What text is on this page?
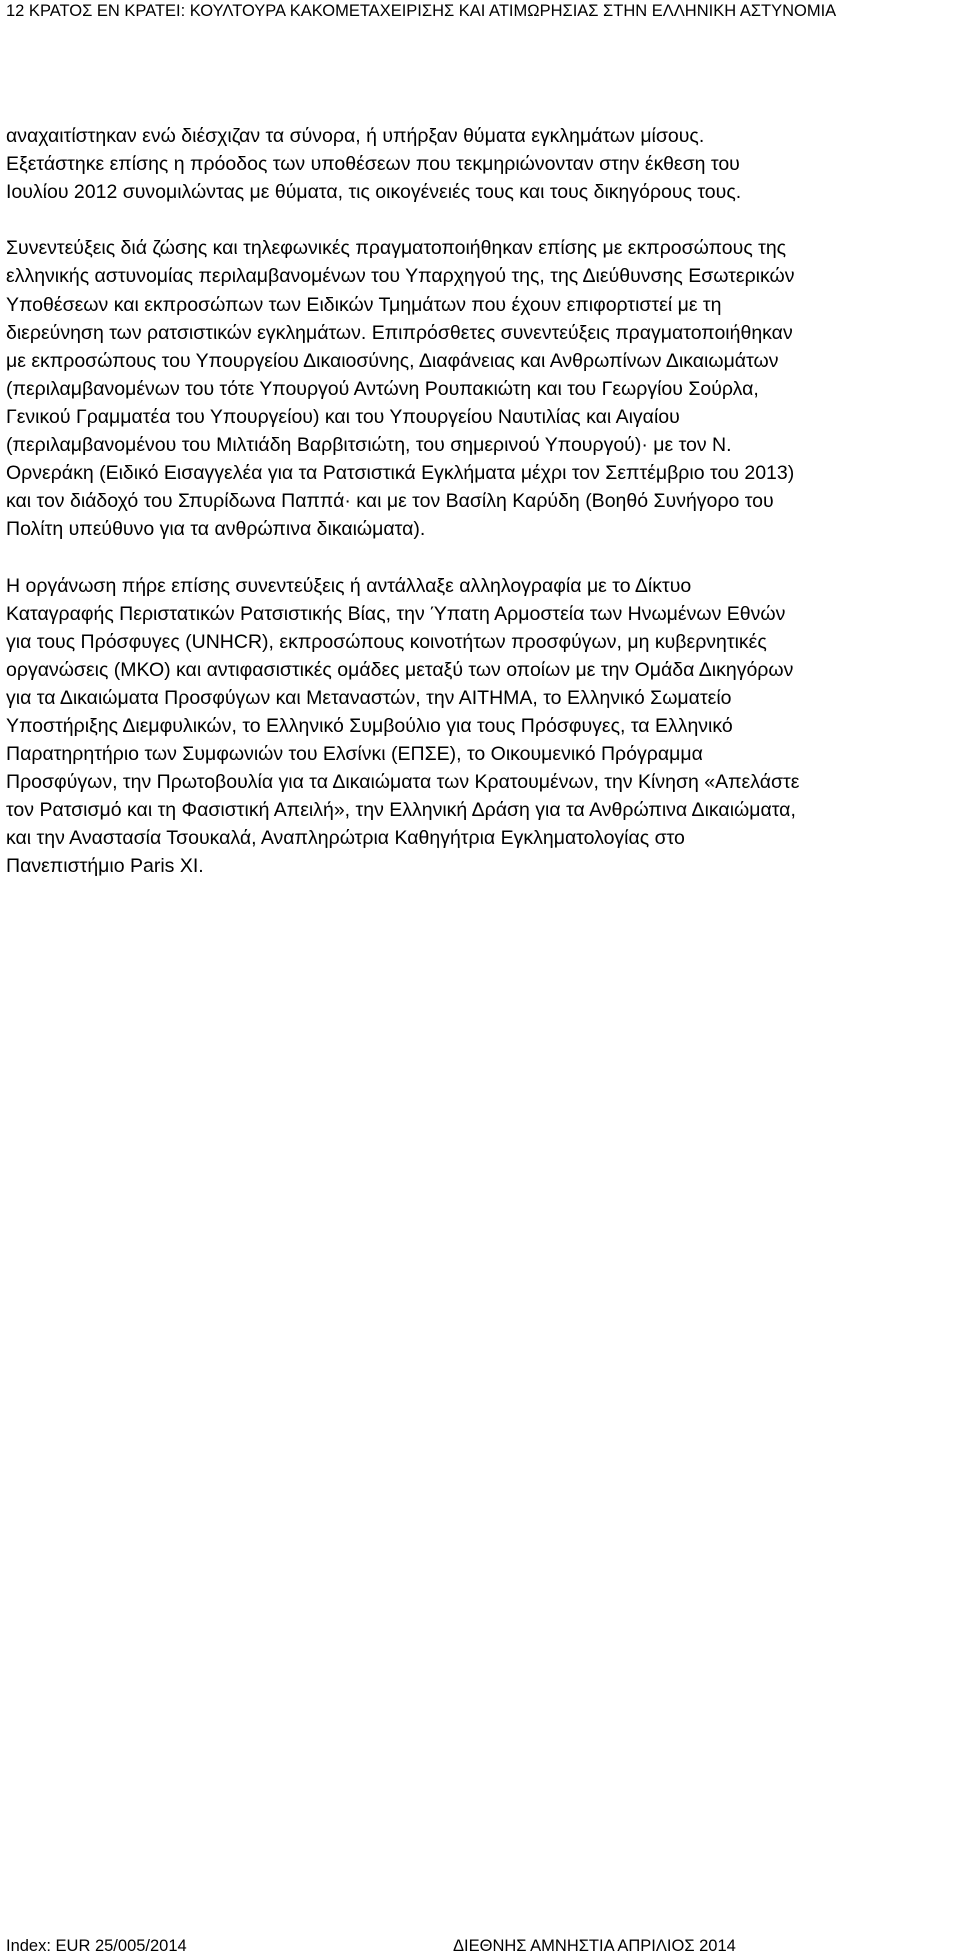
12 ΚΡΑΤΟΣ ΕΝ ΚΡΑΤΕΙ: ΚΟΥΛΤΟΥΡΑ ΚΑΚΟΜΕΤΑΧΕΙΡΙΣΗΣ ΚΑΙ ΑΤΙΜΩΡΗΣΙΑΣ ΣΤΗΝ ΕΛΛΗΝΙΚΗ ΑΣΤΥΝΟΜΙΑ

αναχαιτίστηκαν ενώ διέσχιζαν τα σύνορα, ή υπήρξαν θύματα εγκλημάτων μίσους.
Εξετάστηκε επίσης η πρόοδος των υποθέσεων που τεκμηριώνονταν στην έκθεση του
Ιουλίου 2012 συνομιλώντας με θύματα, τις οικογένειές τους και τους δικηγόρους τους.

Συνεντεύξεις διά ζώσης και τηλεφωνικές πραγματοποιήθηκαν επίσης με εκπροσώπους της
ελληνικής αστυνομίας περιλαμβανομένων του Υπαρχηγού της, της Διεύθυνσης Εσωτερικών
Υποθέσεων και εκπροσώπων των Ειδικών Τμημάτων που έχουν επιφορτιστεί με τη
διερεύνηση των ρατσιστικών εγκλημάτων. Επιπρόσθετες συνεντεύξεις πραγματοποιήθηκαν
με εκπροσώπους του Υπουργείου Δικαιοσύνης, Διαφάνειας και Ανθρωπίνων Δικαιωμάτων
(περιλαμβανομένων του τότε Υπουργού Αντώνη Ρουπακιώτη και του Γεωργίου Σούρλα,
Γενικού Γραμματέα του Υπουργείου) και του Υπουργείου Ναυτιλίας και Αιγαίου
(περιλαμβανομένου του Μιλτιάδη Βαρβιτσιώτη, του σημερινού Υπουργού)· με τον Ν.
Ορνεράκη (Ειδικό Εισαγγελέα για τα Ρατσιστικά Εγκλήματα μέχρι τον Σεπτέμβριο του 2013)
και τον διάδοχό του Σπυρίδωνα Παππά· και με τον Βασίλη Καρύδη (Βοηθό Συνήγορο του
Πολίτη υπεύθυνο για τα ανθρώπινα δικαιώματα).

Η οργάνωση πήρε επίσης συνεντεύξεις ή αντάλλαξε αλληλογραφία με το Δίκτυο
Καταγραφής Περιστατικών Ρατσιστικής Βίας, την Ύπατη Αρμοστεία των Ηνωμένων Εθνών
για τους Πρόσφυγες (UNHCR), εκπροσώπους κοινοτήτων προσφύγων, μη κυβερνητικές
οργανώσεις (ΜΚΟ) και αντιφασιστικές ομάδες μεταξύ των οποίων με την Ομάδα Δικηγόρων
για τα Δικαιώματα Προσφύγων και Μεταναστών, την ΑΙΤΗΜΑ, το Ελληνικό Σωματείο
Υποστήριξης Διεμφυλικών, το Ελληνικό Συμβούλιο για τους Πρόσφυγες, τα Ελληνικό
Παρατηρητήριο των Συμφωνιών του Ελσίνκι (ΕΠΣΕ), το Οικουμενικό Πρόγραμμα
Προσφύγων, την Πρωτοβουλία για τα Δικαιώματα των Κρατουμένων, την Κίνηση «Απελάστε
τον Ρατσισμό και τη Φασιστική Απειλή», την Ελληνική Δράση για τα Ανθρώπινα Δικαιώματα,
και την Αναστασία Τσουκαλά, Αναπληρώτρια Καθηγήτρια Εγκληματολογίας στο
Πανεπιστήμιο Paris XI.

Index: EUR 25/005/2014	ΔΙΕΘΝΗΣ ΑΜΝΗΣΤΙΑ ΑΠΡΙΛΙΟΣ 2014
